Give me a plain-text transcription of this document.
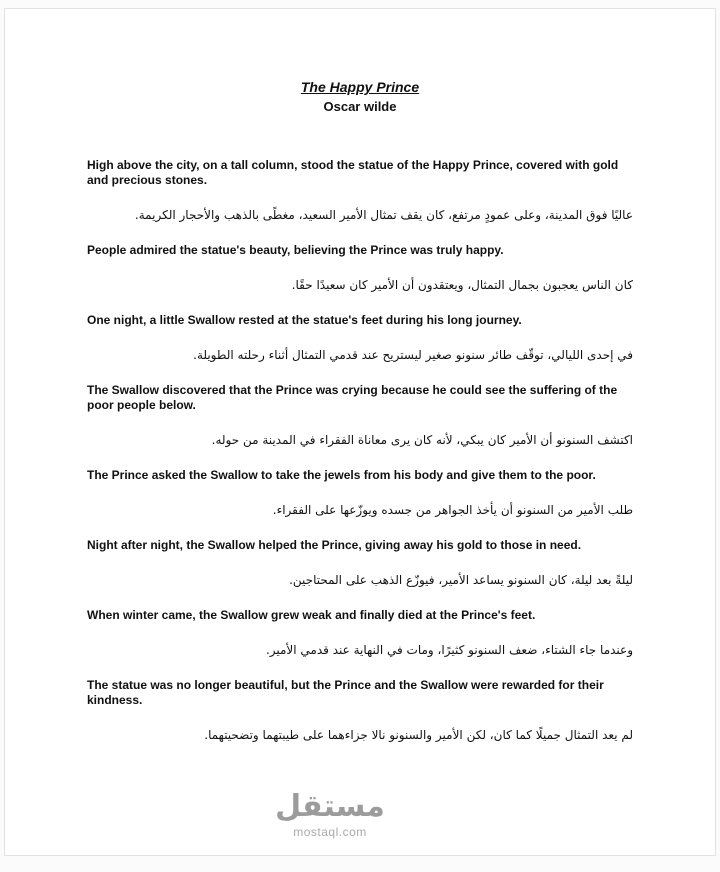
The Happy Prince
Oscar wilde

High above the city, on a tall column, stood the statue of the Happy Prince, covered with gold and precious stones.

عاليًا فوق المدينة، وعلى عمودٍ مرتفع، كان يقف تمثال الأمير السعيد، مغطًى بالذهب والأحجار الكريمة.

People admired the statue's beauty, believing the Prince was truly happy.

كان الناس يعجبون بجمال التمثال، ويعتقدون أن الأمير كان سعيدًا حقًا.

One night, a little Swallow rested at the statue's feet during his long journey.

في إحدى الليالي، توقّف طائر سنونو صغير ليستريح عند قدمي التمثال أثناء رحلته الطويلة.

The Swallow discovered that the Prince was crying because he could see the suffering of the poor people below.

اكتشف السنونو أن الأمير كان يبكي، لأنه كان يرى معاناة الفقراء في المدينة من حوله.

The Prince asked the Swallow to take the jewels from his body and give them to the poor.

طلب الأمير من السنونو أن يأخذ الجواهر من جسده ويوزّعها على الفقراء.

Night after night, the Swallow helped the Prince, giving away his gold to those in need.

ليلةً بعد ليلة، كان السنونو يساعد الأمير، فيوزّع الذهب على المحتاجين.

When winter came, the Swallow grew weak and finally died at the Prince's feet.

وعندما جاء الشتاء، ضعف السنونو كثيرًا، ومات في النهاية عند قدمي الأمير.

The statue was no longer beautiful, but the Prince and the Swallow were rewarded for their kindness.

لم يعد التمثال جميلًا كما كان، لكن الأمير والسنونو نالا جزاءهما على طيبتهما وتضحيتهما.

مستقل
mostaql.com
